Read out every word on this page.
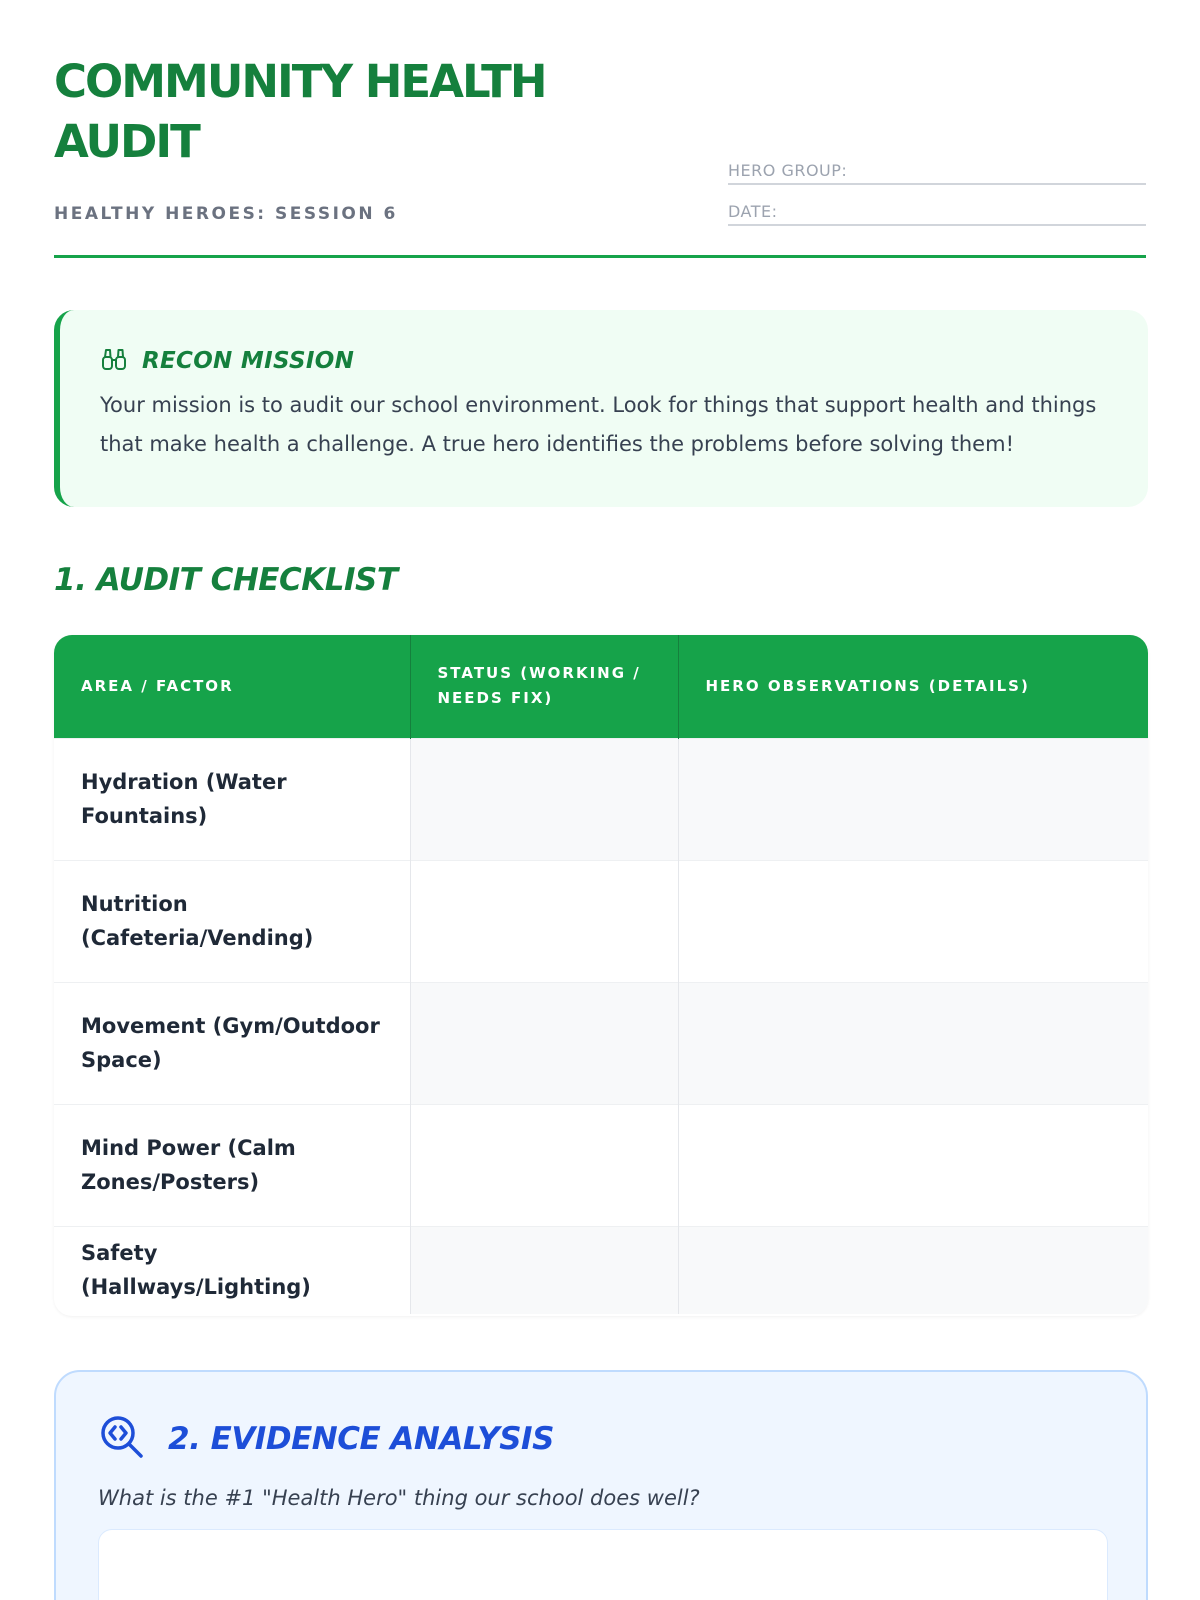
COMMUNITY HEALTH AUDIT
HEALTHY HEROES: SESSION 6
HERO GROUP:
DATE:
RECON MISSION

Your mission is to audit our school environment. Look for things that support health and things that make health a challenge. A true hero identifies the problems before solving them!

1. AUDIT CHECKLIST
AREA / FACTOR	STATUS (WORKING / NEEDS FIX)	HERO OBSERVATIONS (DETAILS)
Hydration (Water Fountains)		
Nutrition (Cafeteria/Vending)		
Movement (Gym/Outdoor Space)		
Mind Power (Calm Zones/Posters)		
Safety (Hallways/Lighting)		
2. EVIDENCE ANALYSIS

What is the #1 "Health Hero" thing our school does well?
